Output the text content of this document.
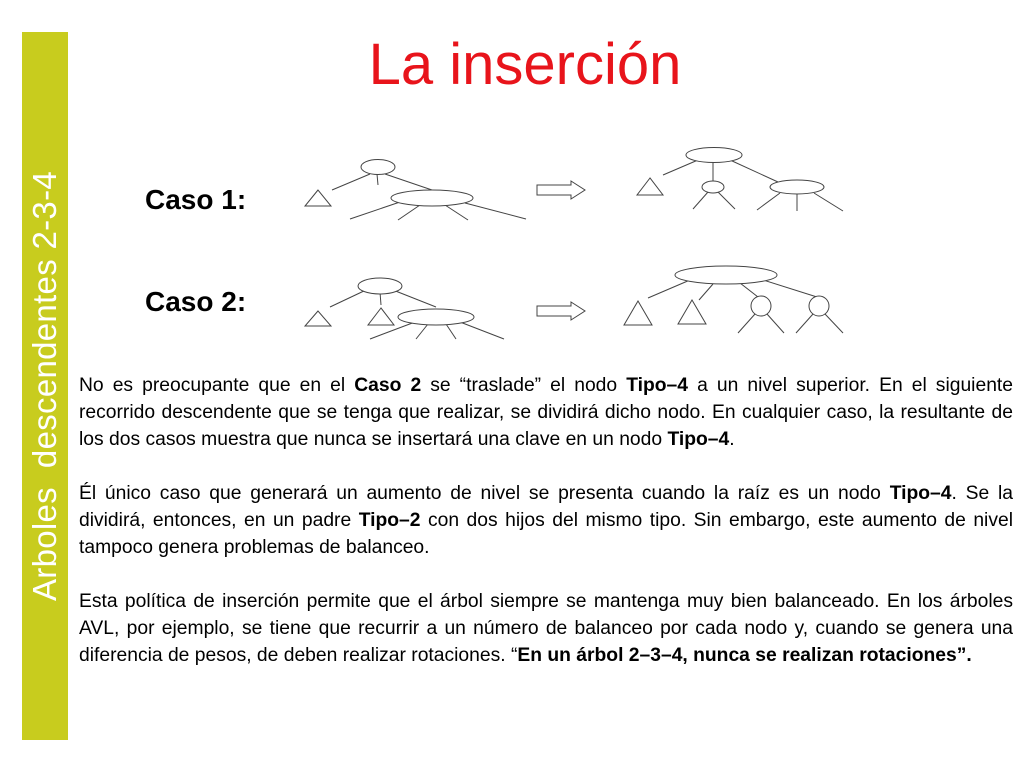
Arboles  descendentes 2-3-4
La inserción
Caso 1:
Caso 2:

No es preocupante que en el Caso 2 se “traslade” el nodo Tipo–4 a un nivel superior. En el siguiente recorrido descendente que se tenga que realizar, se dividirá dicho nodo. En cualquier caso, la resultante de los dos casos muestra que nunca se insertará una clave en un nodo Tipo–4.

Él único caso que generará un aumento de nivel se presenta cuando la raíz es un nodo Tipo–4. Se la dividirá, entonces, en un padre Tipo–2 con dos hijos del mismo tipo. Sin embargo, este aumento de nivel tampoco genera problemas de balanceo.

Esta política de inserción permite que el árbol siempre se mantenga muy bien balanceado. En los árboles AVL, por ejemplo, se tiene que recurrir a un número de balanceo por cada nodo y, cuando se genera una diferencia de pesos, de deben realizar rotaciones. “En un árbol 2–3–4, nunca se realizan rotaciones”.
